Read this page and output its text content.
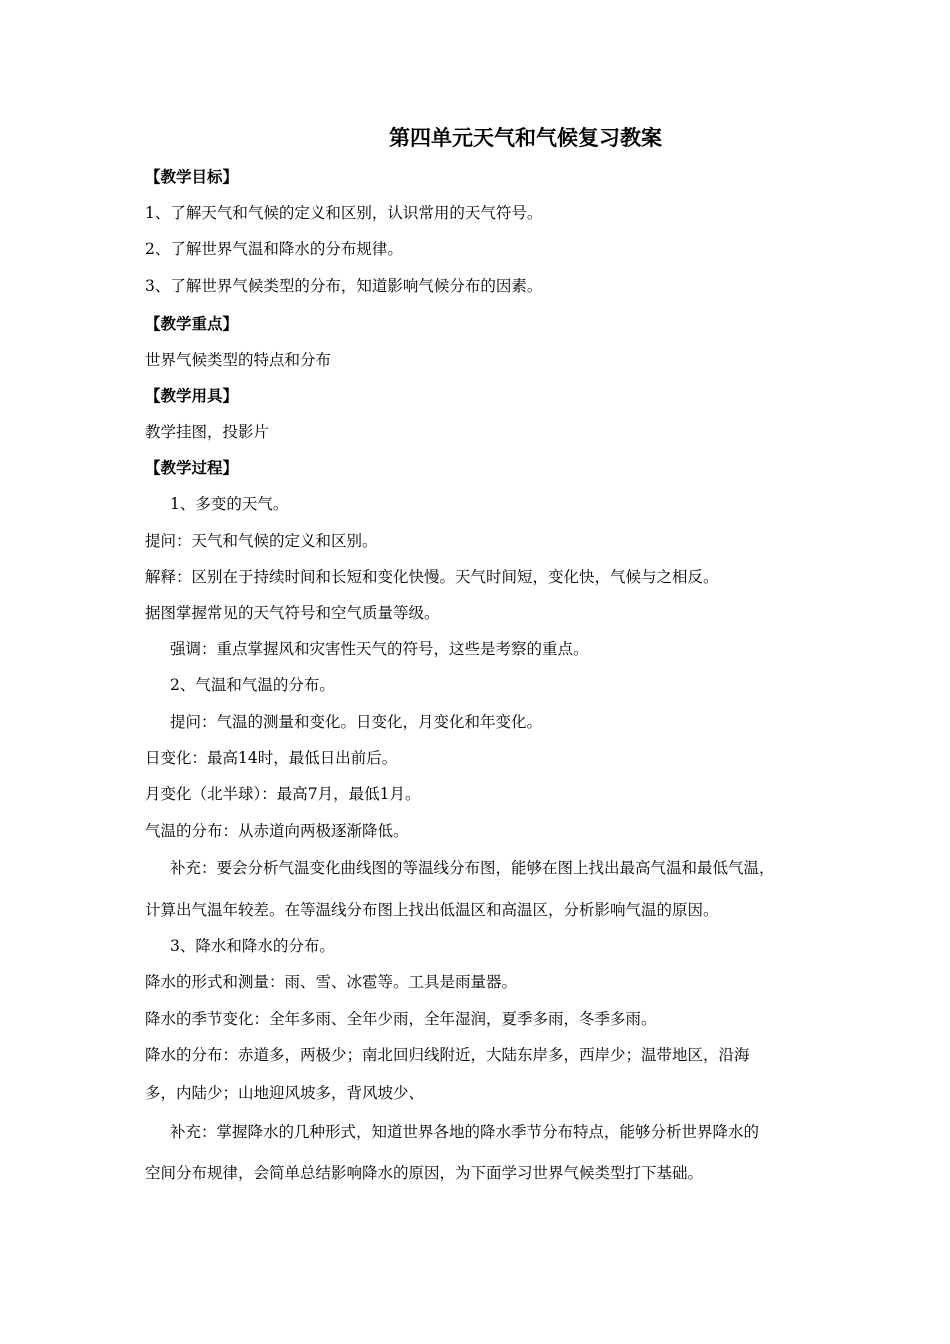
第四单元天气和气候复习教案
【教学目标】
1、了解天气和气候的定义和区别，认识常用的天气符号。
2、了解世界气温和降水的分布规律。
3、了解世界气候类型的分布，知道影响气候分布的因素。
【教学重点】
世界气候类型的特点和分布
【教学用具】
教学挂图，投影片
【教学过程】
1、多变的天气。
提问：天气和气候的定义和区别。
解释：区别在于持续时间和长短和变化快慢。天气时间短，变化快，气候与之相反。
据图掌握常见的天气符号和空气质量等级。
强调：重点掌握风和灾害性天气的符号，这些是考察的重点。
2、气温和气温的分布。
提问：气温的测量和变化。日变化，月变化和年变化。
日变化：最高14时，最低日出前后。
月变化（北半球）：最高7月，最低1月。
气温的分布：从赤道向两极逐渐降低。
补充：要会分析气温变化曲线图的等温线分布图，能够在图上找出最高气温和最低气温，
计算出气温年较差。在等温线分布图上找出低温区和高温区，分析影响气温的原因。
3、降水和降水的分布。
降水的形式和测量：雨、雪、冰雹等。工具是雨量器。
降水的季节变化：全年多雨、全年少雨，全年湿润，夏季多雨，冬季多雨。
降水的分布：赤道多，两极少；南北回归线附近，大陆东岸多，西岸少；温带地区，沿海
多，内陆少；山地迎风坡多，背风坡少、
补充：掌握降水的几种形式，知道世界各地的降水季节分布特点，能够分析世界降水的
空间分布规律，会简单总结影响降水的原因，为下面学习世界气候类型打下基础。
